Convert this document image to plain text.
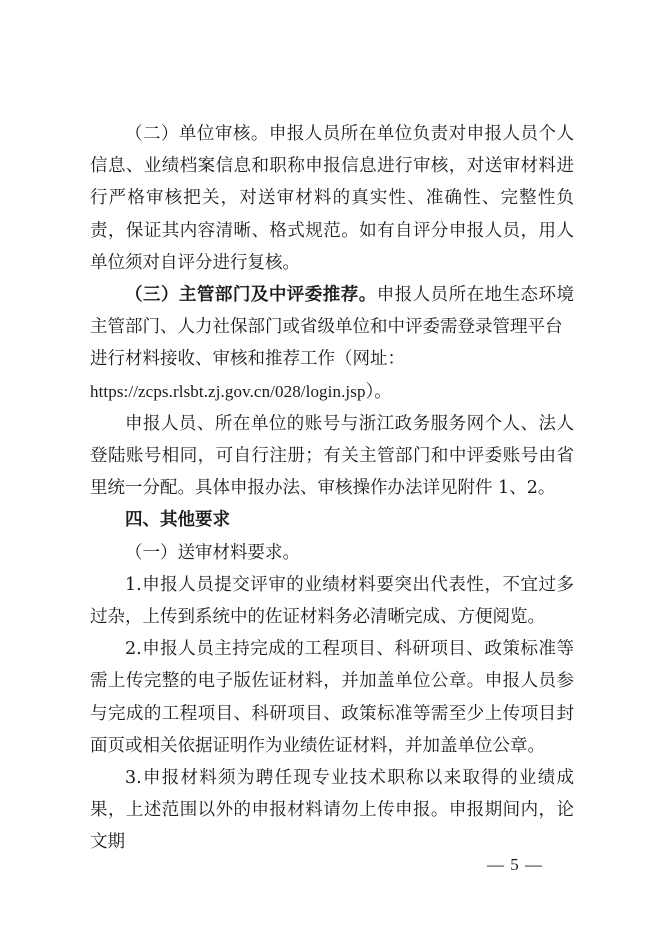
（二）单位审核。申报人员所在单位负责对申报人员个人信息、业绩档案信息和职称申报信息进行审核，对送审材料进行严格审核把关，对送审材料的真实性、准确性、完整性负责，保证其内容清晰、格式规范。如有自评分申报人员，用人单位须对自评分进行复核。

（三）主管部门及中评委推荐。申报人员所在地生态环境主管部门、人力社保部门或省级单位和中评委需登录管理平台

进行材料接收、审核和推荐工作（网址：

https://zcps.rlsbt.zj.gov.cn/028/login.jsp）。

申报人员、所在单位的账号与浙江政务服务网个人、法人登陆账号相同，可自行注册；有关主管部门和中评委账号由省里统一分配。具体申报办法、审核操作办法详见附件 1、2。

四、其他要求

（一）送审材料要求。

1.申报人员提交评审的业绩材料要突出代表性，不宜过多过杂，上传到系统中的佐证材料务必清晰完成、方便阅览。

2.申报人员主持完成的工程项目、科研项目、政策标准等需上传完整的电子版佐证材料，并加盖单位公章。申报人员参与完成的工程项目、科研项目、政策标准等需至少上传项目封面页或相关依据证明作为业绩佐证材料，并加盖单位公章。

3.申报材料须为聘任现专业技术职称以来取得的业绩成果，上述范围以外的申报材料请勿上传申报。申报期间内，论文期

— 5 —
